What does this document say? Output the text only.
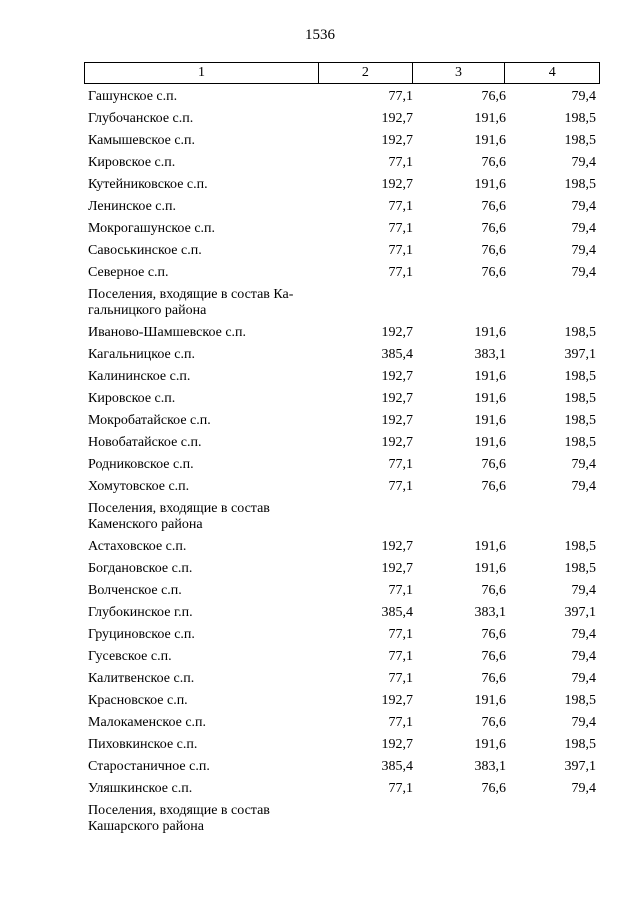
1536
1	2	3	4
Гашунское с.п.	77,1	76,6	79,4
Глубочанское с.п.	192,7	191,6	198,5
Камышевское с.п.	192,7	191,6	198,5
Кировское с.п.	77,1	76,6	79,4
Кутейниковское с.п.	192,7	191,6	198,5
Ленинское с.п.	77,1	76,6	79,4
Мокрогашунское с.п.	77,1	76,6	79,4
Савоськинское с.п.	77,1	76,6	79,4
Северное с.п.	77,1	76,6	79,4
Поселения, входящие в состав Ка-
гальницкого района
Иваново-Шамшевское с.п.	192,7	191,6	198,5
Кагальницкое с.п.	385,4	383,1	397,1
Калининское с.п.	192,7	191,6	198,5
Кировское с.п.	192,7	191,6	198,5
Мокробатайское с.п.	192,7	191,6	198,5
Новобатайское с.п.	192,7	191,6	198,5
Родниковское с.п.	77,1	76,6	79,4
Хомутовское с.п.	77,1	76,6	79,4
Поселения, входящие в состав
Каменского района
Астаховское с.п.	192,7	191,6	198,5
Богдановское с.п.	192,7	191,6	198,5
Волченское с.п.	77,1	76,6	79,4
Глубокинское г.п.	385,4	383,1	397,1
Груциновское с.п.	77,1	76,6	79,4
Гусевское с.п.	77,1	76,6	79,4
Калитвенское с.п.	77,1	76,6	79,4
Красновское с.п.	192,7	191,6	198,5
Малокаменское с.п.	77,1	76,6	79,4
Пиховкинское с.п.	192,7	191,6	198,5
Старостаничное с.п.	385,4	383,1	397,1
Уляшкинское с.п.	77,1	76,6	79,4
Поселения, входящие в состав
Кашарского района
